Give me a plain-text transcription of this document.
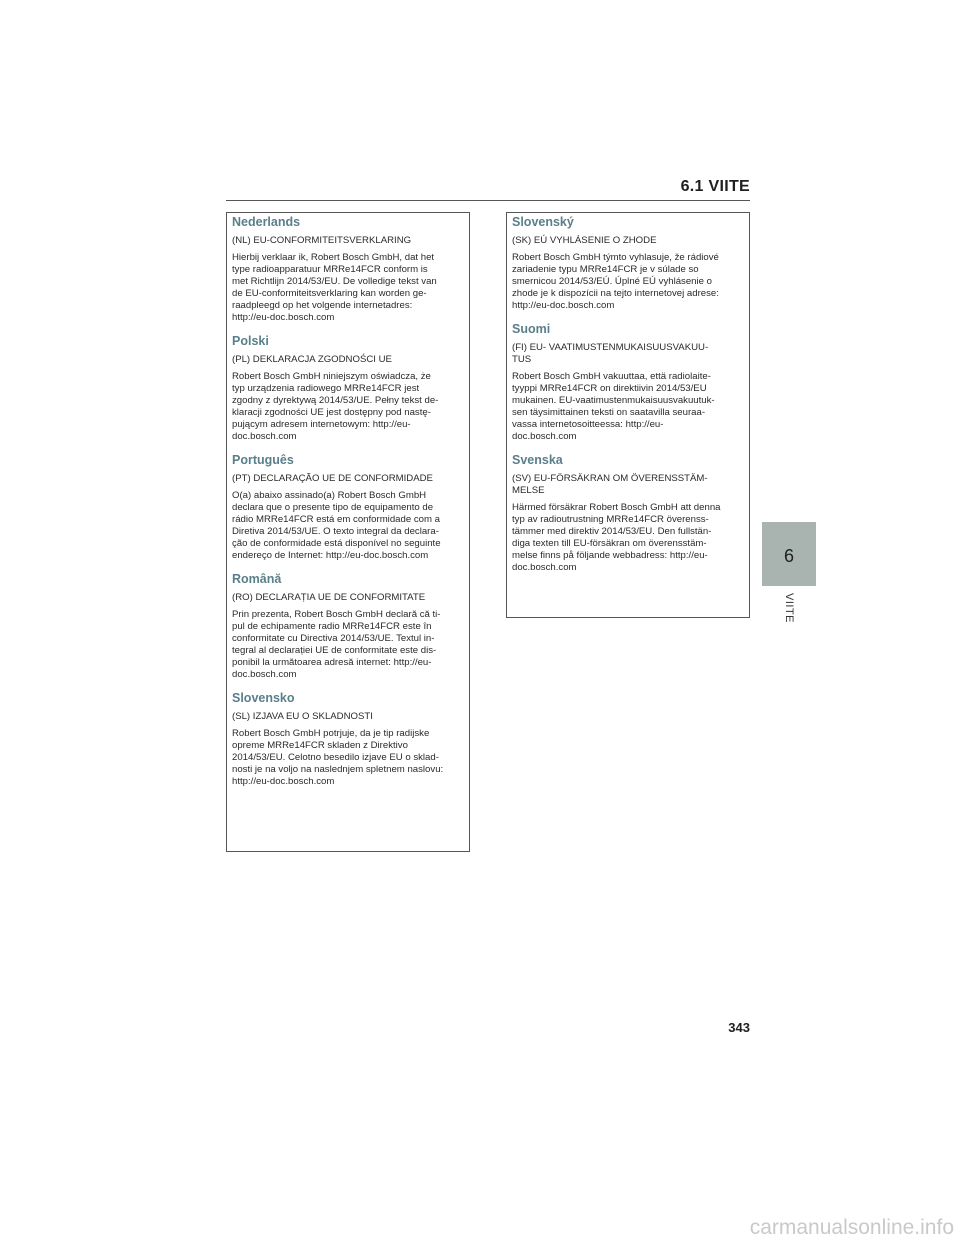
6.1 VIITE
Nederlands
(NL) EU-CONFORMITEITSVERKLARING
Hierbij verklaar ik, Robert Bosch GmbH, dat het
type radioapparatuur MRRe14FCR conform is
met Richtlijn 2014/53/EU. De volledige tekst van
de EU-conformiteitsverklaring kan worden ge-
raadpleegd op het volgende internetadres:
http://eu-doc.bosch.com
Polski
(PL) DEKLARACJA ZGODNOŚCI UE
Robert Bosch GmbH niniejszym oświadcza, że
typ urządzenia radiowego MRRe14FCR jest
zgodny z dyrektywą 2014/53/UE. Pełny tekst de-
klaracji zgodności UE jest dostępny pod nastę-
pującym adresem internetowym: http://eu-
doc.bosch.com
Português
(PT) DECLARAÇÃO UE DE CONFORMIDADE
O(a) abaixo assinado(a) Robert Bosch GmbH
declara que o presente tipo de equipamento de
rádio MRRe14FCR está em conformidade com a
Diretiva 2014/53/UE. O texto integral da declara-
ção de conformidade está disponível no seguinte
endereço de Internet: http://eu-doc.bosch.com
Română
(RO) DECLARAȚIA UE DE CONFORMITATE
Prin prezenta, Robert Bosch GmbH declară că ti-
pul de echipamente radio MRRe14FCR este în
conformitate cu Directiva 2014/53/UE. Textul in-
tegral al declarației UE de conformitate este dis-
ponibil la următoarea adresă internet: http://eu-
doc.bosch.com
Slovensko
(SL) IZJAVA EU O SKLADNOSTI
Robert Bosch GmbH potrjuje, da je tip radijske
opreme MRRe14FCR skladen z Direktivo
2014/53/EU. Celotno besedilo izjave EU o sklad-
nosti je na voljo na naslednjem spletnem naslovu:
http://eu-doc.bosch.com
Slovenský
(SK) EÚ VYHLÁSENIE O ZHODE
Robert Bosch GmbH týmto vyhlasuje, že rádiové
zariadenie typu MRRe14FCR je v súlade so
smernicou 2014/53/EÚ. Úplné EÚ vyhlásenie o
zhode je k dispozícii na tejto internetovej adrese:
http://eu-doc.bosch.com
Suomi
(FI) EU- VAATIMUSTENMUKAISUUSVAKUU-
TUS
Robert Bosch GmbH vakuuttaa, että radiolaite-
tyyppi MRRe14FCR on direktiivin 2014/53/EU
mukainen. EU-vaatimustenmukaisuusvakuutuk-
sen täysimittainen teksti on saatavilla seuraa-
vassa internetosoitteessa: http://eu-
doc.bosch.com
Svenska
(SV) EU-FÖRSÄKRAN OM ÖVERENSSTÄM-
MELSE
Härmed försäkrar Robert Bosch GmbH att denna
typ av radioutrustning MRRe14FCR överenss-
tämmer med direktiv 2014/53/EU. Den fullstän-
diga texten till EU-försäkran om överensstäm-
melse finns på följande webbadress: http://eu-
doc.bosch.com
6
VIITE
343
carmanualsonline.info
